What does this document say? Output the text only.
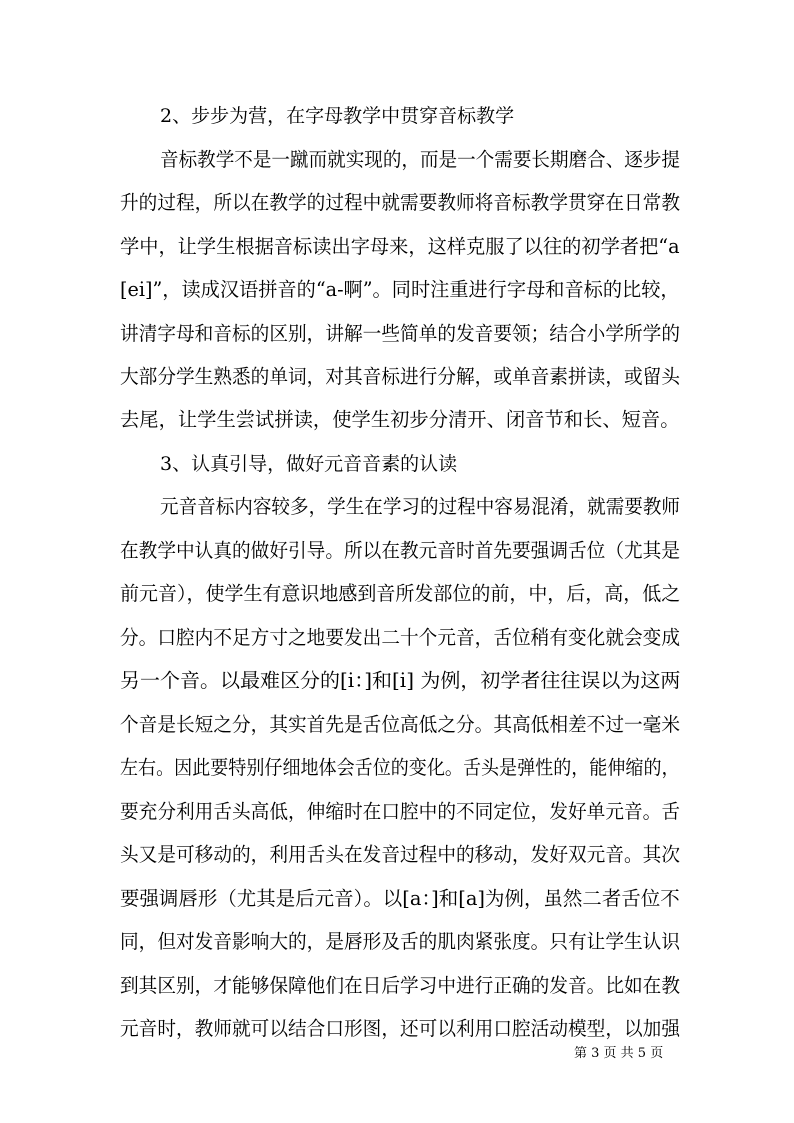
2、步步为营，在字母教学中贯穿音标教学
音标教学不是一蹴而就实现的，而是一个需要长期磨合、逐步提
升的过程，所以在教学的过程中就需要教师将音标教学贯穿在日常教
学中，让学生根据音标读出字母来，这样克服了以往的初学者把“a
[ei]”，读成汉语拼音的“a-啊”。同时注重进行字母和音标的比较，
讲清字母和音标的区别，讲解一些简单的发音要领；结合小学所学的
大部分学生熟悉的单词，对其音标进行分解，或单音素拼读，或留头
去尾，让学生尝试拼读，使学生初步分清开、闭音节和长、短音。
3、认真引导，做好元音音素的认读
元音音标内容较多，学生在学习的过程中容易混淆，就需要教师
在教学中认真的做好引导。所以在教元音时首先要强调舌位（尤其是
前元音），使学生有意识地感到音所发部位的前，中，后，高，低之
分。口腔内不足方寸之地要发出二十个元音，舌位稍有变化就会变成
另一个音。以最难区分的[i：]和[i] 为例，初学者往往误以为这两
个音是长短之分，其实首先是舌位高低之分。其高低相差不过一毫米
左右。因此要特别仔细地体会舌位的变化。舌头是弹性的，能伸缩的，
要充分利用舌头高低，伸缩时在口腔中的不同定位，发好单元音。舌
头又是可移动的，利用舌头在发音过程中的移动，发好双元音。其次
要强调唇形（尤其是后元音）。以[a：]和[a]为例，虽然二者舌位不
同，但对发音影响大的，是唇形及舌的肌肉紧张度。只有让学生认识
到其区别，才能够保障他们在日后学习中进行正确的发音。比如在教
元音时，教师就可以结合口形图，还可以利用口腔活动模型，以加强
第 3 页 共 5 页
